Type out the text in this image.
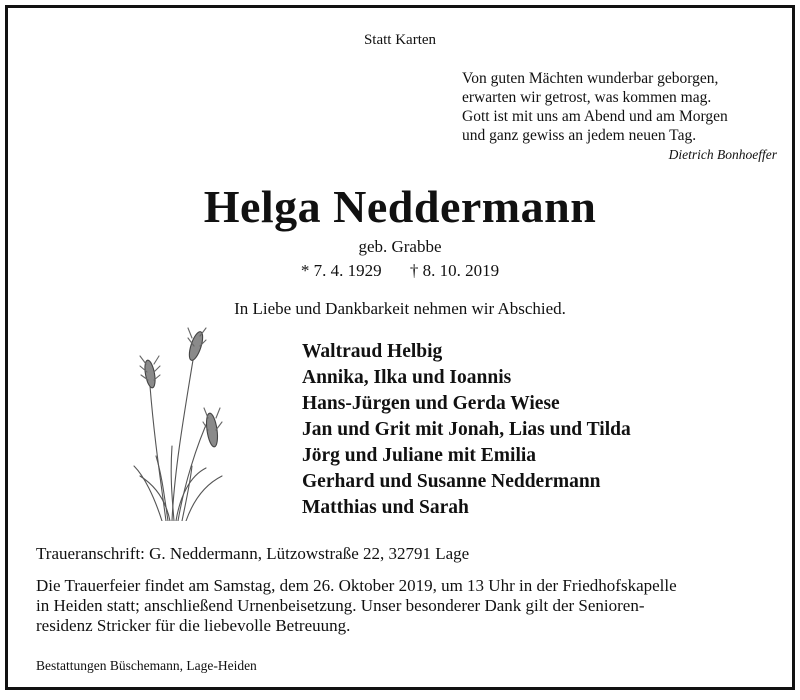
Statt Karten
Von guten Mächten wunderbar geborgen,
erwarten wir getrost, was kommen mag.
Gott ist mit uns am Abend und am Morgen
und ganz gewiss an jedem neuen Tag.
Dietrich Bonhoeffer
Helga Neddermann
geb. Grabbe
* 7. 4. 1929 † 8. 10. 2019
In Liebe und Dankbarkeit nehmen wir Abschied.
Waltraud Helbig
Annika, Ilka und Ioannis
Hans-Jürgen und Gerda Wiese
Jan und Grit mit Jonah, Lias und Tilda
Jörg und Juliane mit Emilia
Gerhard und Susanne Neddermann
Matthias und Sarah
Traueranschrift: G. Neddermann, Lützowstraße 22, 32791 Lage
Die Trauerfeier findet am Samstag, dem 26. Oktober 2019, um 13 Uhr in der Friedhofskapelle
in Heiden statt; anschließend Urnenbeisetzung. Unser besonderer Dank gilt der Senioren-
residenz Stricker für die liebevolle Betreuung.
Bestattungen Büschemann, Lage-Heiden
